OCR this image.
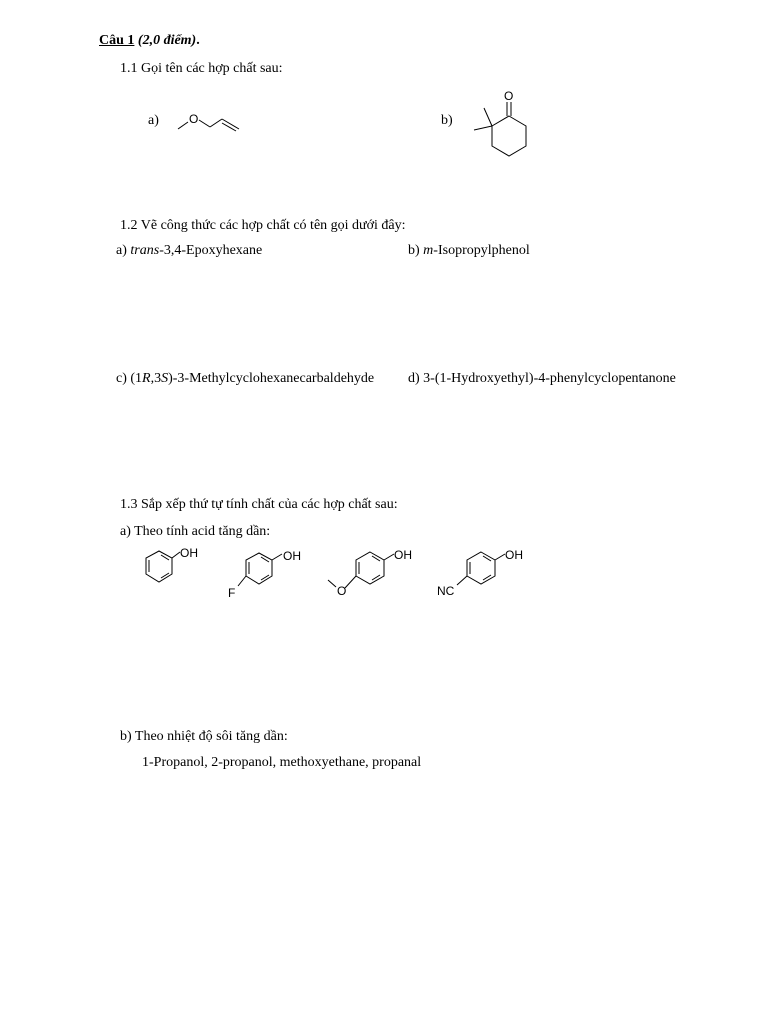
Câu 1 (2,0 điểm).
1.1 Gọi tên các hợp chất sau:
a)	b)
O
O
1.2 Vẽ công thức các hợp chất có tên gọi dưới đây:
a) trans-3,4-Epoxyhexane	b) m-Isopropylphenol
c) (1R,3S)-3-Methylcyclohexanecarbaldehyde d) 3-(1-Hydroxyethyl)-4-phenylcyclopentanone
1.3 Sắp xếp thứ tự tính chất của các hợp chất sau:
a) Theo tính acid tăng dần:
OH	OH
F
OH
O
OH
NC
b) Theo nhiệt độ sôi tăng dần:
1-Propanol, 2-propanol, methoxyethane, propanal
